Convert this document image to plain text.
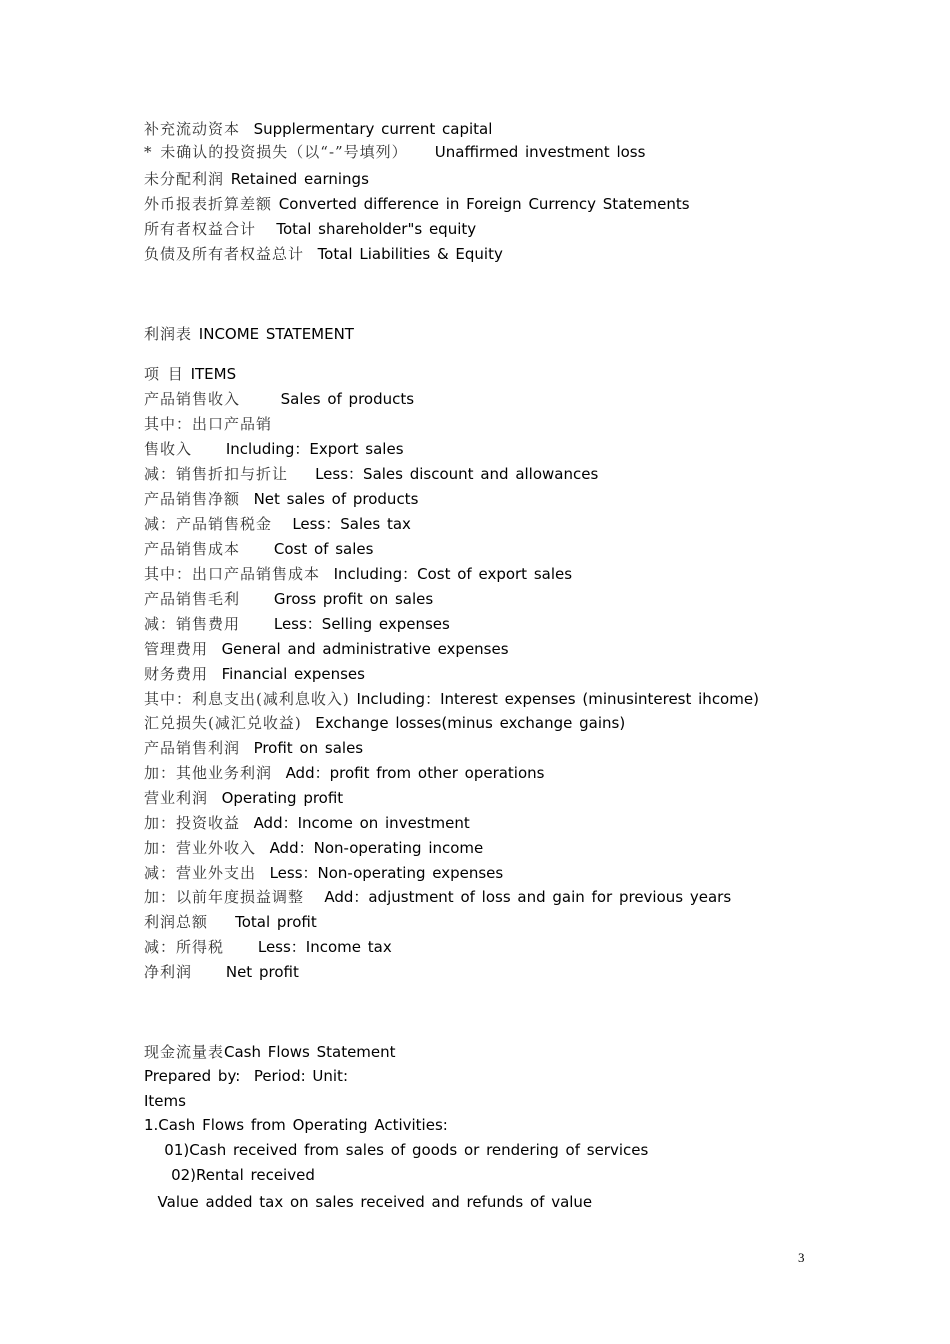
补充流动资本 Supplermentary current capital
* 未确认的投资损失（以“-”号填列） Unaffirmed investment loss
未分配利润 Retained earnings
外币报表折算差额 Converted difference in Foreign Currency Statements
所有者权益合计 Total shareholder"s equity
负债及所有者权益总计 Total Liabilities & Equity
利润表 INCOME STATEMENT
项 目 ITEMS
产品销售收入	Sales of products
其中：出口产品销
售收入 Including：Export sales
减：销售折扣与折让 Less：Sales discount and allowances
产品销售净额 Net sales of products
减：产品销售税金 Less：Sales tax
产品销售成本 Cost of sales
其中：出口产品销售成本 Including：Cost of export sales
产品销售毛利 Gross profit on sales
减：销售费用 Less：Selling expenses
管理费用 General and administrative expenses
财务费用 Financial expenses
其中：利息支出(减利息收入) Including：Interest expenses (minusinterest ihcome)
汇兑损失(减汇兑收益) Exchange losses(minus exchange gains)
产品销售利润 Profit on sales
加：其他业务利润 Add：profit from other operations
营业利润 Operating profit
加：投资收益 Add：Income on investment
加：营业外收入 Add：Non-operating income
减：营业外支出 Less：Non-operating expenses
加：以前年度损益调整 Add：adjustment of loss and gain for previous years
利润总额 Total profit
减：所得税 Less：Income tax
净利润 Net profit
现金流量表Cash Flows Statement
Prepared by:  Period: Unit:
Items
1.Cash Flows from Operating Activities:
01)Cash received from sales of goods or rendering of services
02)Rental received
Value added tax on sales received and refunds of value
3
